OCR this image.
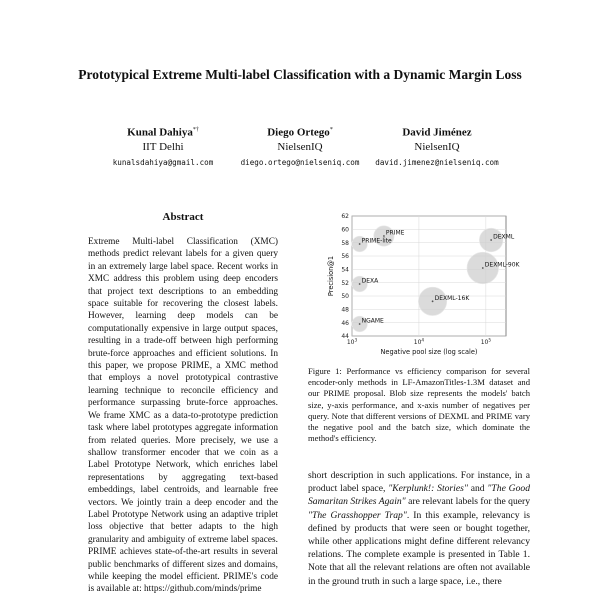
Prototypical Extreme Multi-label Classification with a Dynamic Margin Loss
Kunal Dahiya*†
IIT Delhi
kunalsdahiya@gmail.com
Diego Ortego*
NielsenIQ
diego.ortego@nielseniq.com
David Jiménez
NielsenIQ
david.jimenez@nielseniq.com
Abstract
Extreme Multi-label Classification (XMC) methods predict relevant labels for a given query in an extremely large label space. Recent works in XMC address this problem using deep encoders that project text descriptions to an embedding space suitable for recovering the closest labels. However, learning deep models can be computationally expensive in large output spaces, resulting in a trade-off between high performing brute-force approaches and efficient solutions. In this paper, we propose PRIME, a XMC method that employs a novel prototypical contrastive learning technique to reconcile efficiency and performance surpassing brute-force approaches. We frame XMC as a data-to-prototype prediction task where label prototypes aggregate information from related queries. More precisely, we use a shallow transformer encoder that we coin as a Label Prototype Network, which enriches label representations by aggregating text-based embeddings, label centroids, and learnable free vectors. We jointly train a deep encoder and the Label Prototype Network using an adaptive triplet loss objective that better adapts to the high granularity and ambiguity of extreme label spaces. PRIME achieves state-of-the-art results in several public benchmarks of different sizes and domains, while keeping the model efficient. PRIME's code is available at: https://github.com/minds/prime
44
46
48
50
52
54
56
58
60
62
$10^3$	$10^4$	$10^5$
PRIME
PRIME-lite
DEXML
DEXML-90K
DEXA
DEXML-16K
NGAME
Negative pool size (log scale)
Precision@1
Figure 1: Performance vs efficiency comparison for several encoder-only methods in LF-AmazonTitles-1.3M dataset and our PRIME proposal. Blob size represents the models' batch size, y-axis performance, and x-axis number of negatives per query. Note that different versions of DEXML and PRIME vary the negative pool and the batch size, which dominate the method's efficiency.
short description in such applications. For instance, in a product label space, "Kerplunk!: Stories" and "The Good Samaritan Strikes Again" are relevant labels for the query "The Grasshopper Trap". In this example, relevancy is defined by products that were seen or bought together, while other applications might define different relevancy relations. The complete example is presented in Table 1. Note that all the relevant relations are often not available in the ground truth in such a large space, i.e., there
